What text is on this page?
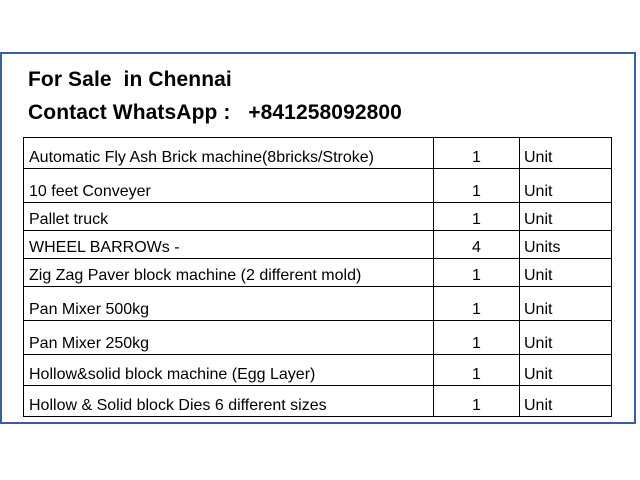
For Sale  in Chennai
Contact WhatsApp :   +841258092800
Automatic Fly Ash Brick machine(8bricks/Stroke)	1	Unit
10 feet Conveyer	1	Unit
Pallet truck	1	Unit
WHEEL BARROWs -	4	Units
Zig Zag Paver block machine (2 different mold)	1	Unit
Pan Mixer 500kg	1	Unit
Pan Mixer 250kg	1	Unit
Hollow&solid block machine (Egg Layer)	1	Unit
Hollow & Solid block Dies 6 different sizes	1	Unit
